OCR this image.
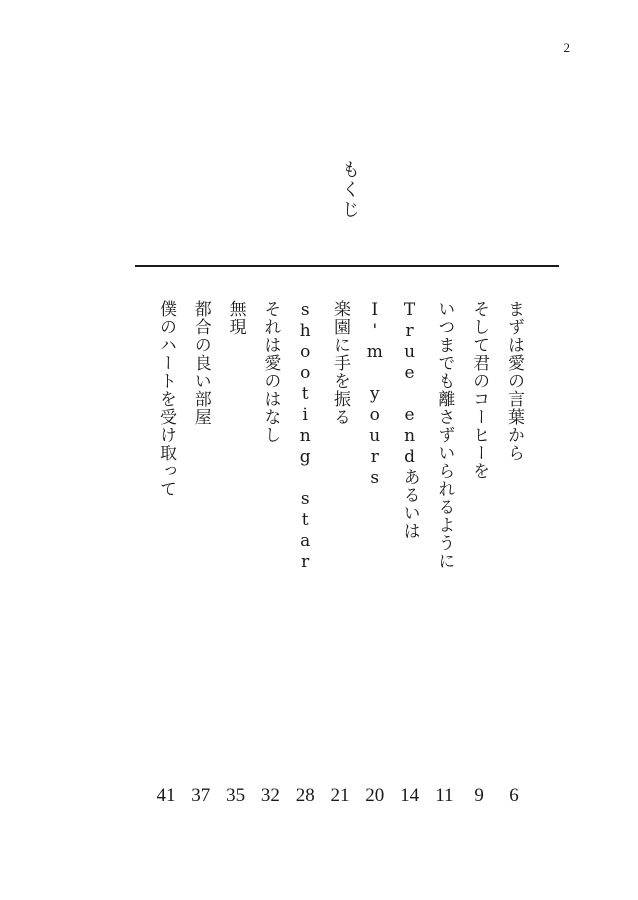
2
もくじ
まずは愛の言葉から
6
そして君のコーヒーを
9
いつまでも離さずいられるように
11
True endあるいは
14
I'm yours
20
楽園に手を振る
21
shooting star
28
それは愛のはなし
32
無現
35
都合の良い部屋
37
僕のハートを受け取って
41
